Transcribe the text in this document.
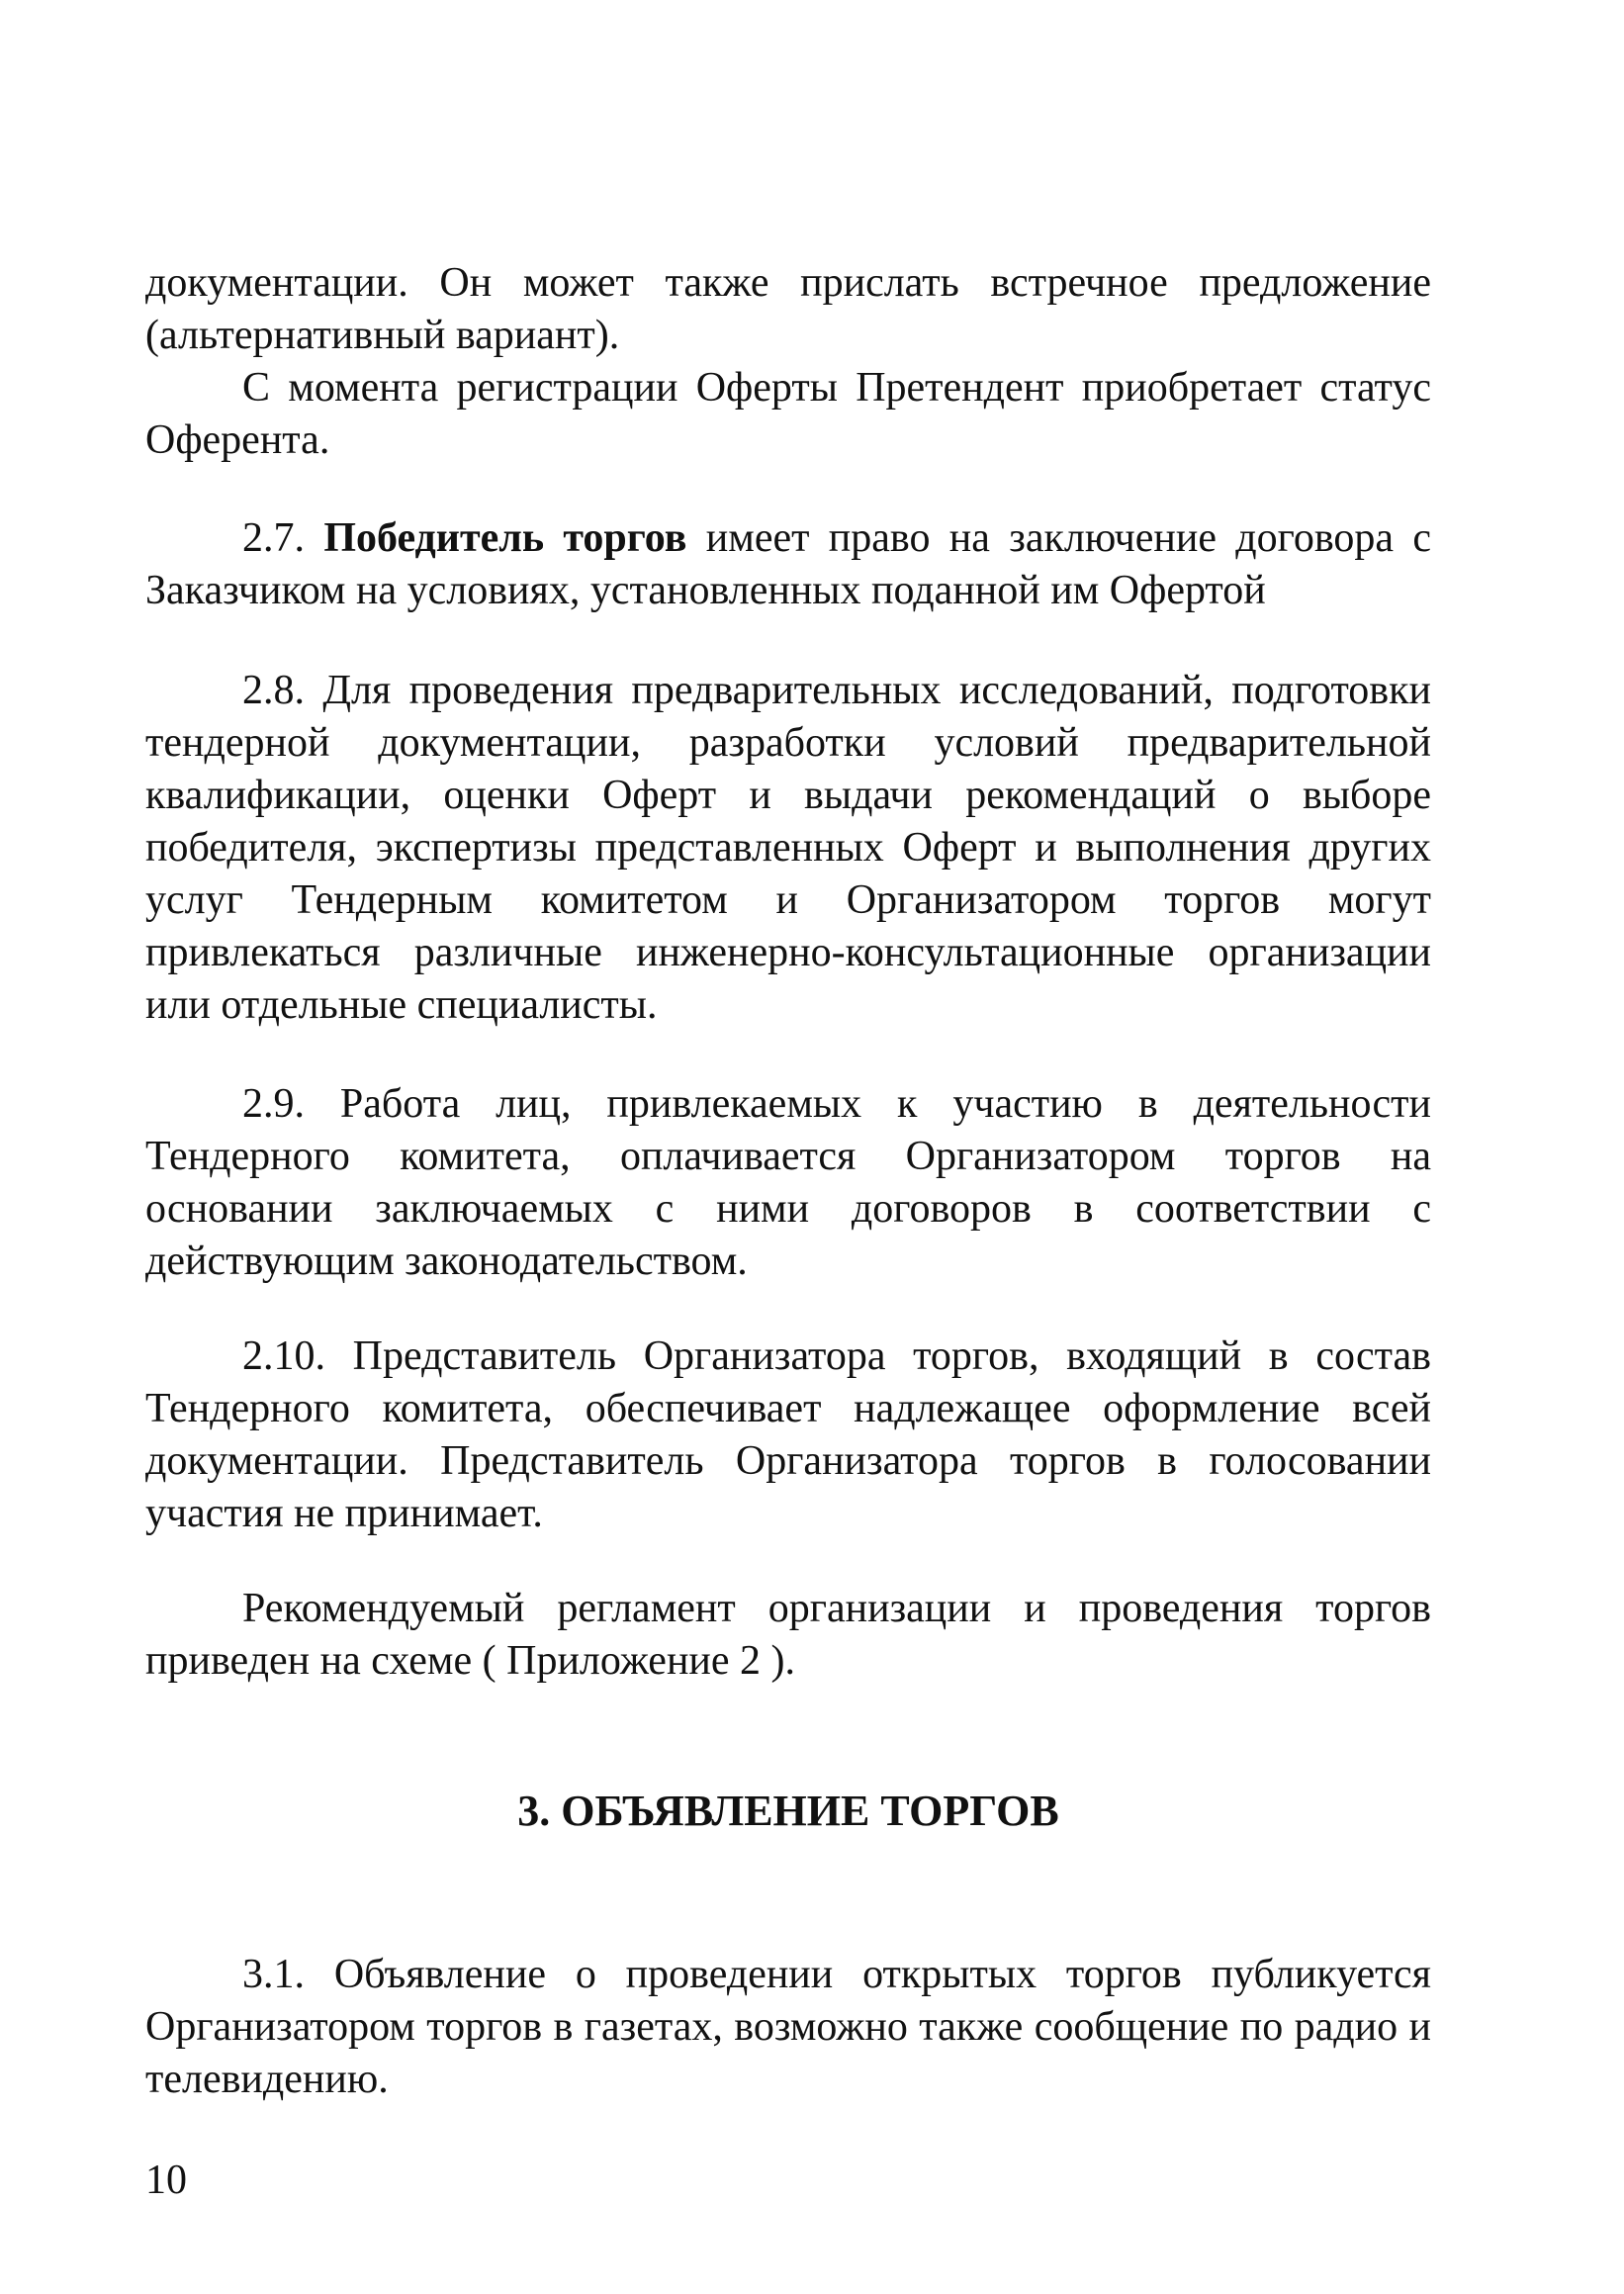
документации. Он может также прислать встречное предложение (альтернативный вариант).

С момента регистрации Оферты Претендент приобретает статус Оферента.

2.7. Победитель торгов имеет право на заключение договора с Заказчиком на условиях, установленных поданной им Офертой

2.8. Для проведения предварительных исследований, подготовки тендерной документации, разработки условий предварительной квалификации, оценки Оферт и выдачи рекомендаций о выборе победителя, экспертизы представленных Оферт и выполнения других услуг Тендерным комитетом и Организатором торгов могут привлекаться различные инженерно-консультационные организации или отдельные специалисты.

2.9. Работа лиц, привлекаемых к участию в деятельности Тендерного комитета, оплачивается Организатором торгов на основании заключаемых с ними договоров в соответствии с действующим законодательством.

2.10. Представитель Организатора торгов, входящий в состав Тендерного комитета, обеспечивает надлежащее оформление всей документации. Представитель Организатора торгов в голосовании участия не принимает.

Рекомендуемый регламент организации и проведения торгов приведен на схеме ( Приложение 2 ).

3. ОБЪЯВЛЕНИЕ ТОРГОВ

3.1. Объявление о проведении открытых торгов публикуется Организатором торгов в газетах, возможно также сообщение по радио и телевидению.

10
